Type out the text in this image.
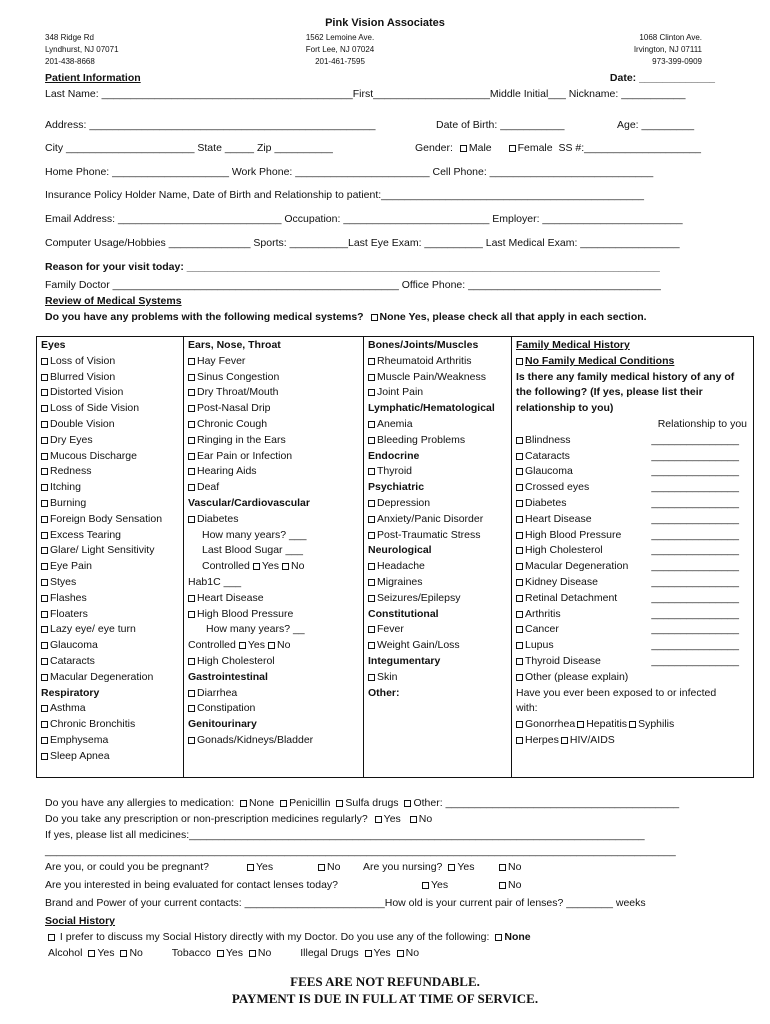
Pink Vision Associates
348 Ridge Rd
Lyndhurst, NJ 07071
201-438-8668
1562 Lemoine Ave.
Fort Lee, NJ 07024
201-461-7595
1068 Clinton Ave.
Irvington, NJ 07111
973-399-0909
Patient Information	Date: _____________
Last Name: ___________________________________________First____________________Middle Initial___ Nickname: ___________
Address: _________________________________________________	Date of Birth: ___________	Age: _________
City ______________________ State _____ Zip __________	Gender: Male Female SS #:____________________
Home Phone: ____________________ Work Phone: _______________________ Cell Phone: ____________________________
Insurance Policy Holder Name, Date of Birth and Relationship to patient:_____________________________________________
Email Address: ____________________________ Occupation: _________________________ Employer: ________________________
Computer Usage/Hobbies ______________ Sports: __________Last Eye Exam: __________ Last Medical Exam: _________________
Reason for your visit today: _________________________________________________________________________________
Family Doctor _________________________________________________ Office Phone: _________________________________
Review of Medical Systems
Do you have any problems with the following medical systems? None Yes, please check all that apply in each section.
Eyes
Loss of Vision
Blurred Vision
Distorted Vision
Loss of Side Vision
Double Vision
Dry Eyes
Mucous Discharge
Redness
Itching
Burning
Foreign Body Sensation
Excess Tearing
Glare/ Light Sensitivity
Eye Pain
Styes
Flashes
Floaters
Lazy eye/ eye turn
Glaucoma
Cataracts
Macular Degeneration
Respiratory
Asthma
Chronic Bronchitis
Emphysema
Sleep Apnea
Ears, Nose, Throat
Hay Fever
Sinus Congestion
Dry Throat/Mouth
Post-Nasal Drip
Chronic Cough
Ringing in the Ears
Ear Pain or Infection
Hearing Aids
Deaf
Vascular/Cardiovascular
Diabetes
How many years? ___
Last Blood Sugar ___
Controlled Yes No
Hab1C ___
Heart Disease
High Blood Pressure
How many years? __
Controlled Yes No
High Cholesterol
Gastrointestinal
Diarrhea
Constipation
Genitourinary
Gonads/Kidneys/Bladder
Bones/Joints/Muscles
Rheumatoid Arthritis
Muscle Pain/Weakness
Joint Pain
Lymphatic/Hematological
Anemia
Bleeding Problems
Endocrine
Thyroid
Psychiatric
Depression
Anxiety/Panic Disorder
Post-Traumatic Stress
Neurological
Headache
Migraines
Seizures/Epilepsy
Constitutional
Fever
Weight Gain/Loss
Integumentary
Skin
Other:
Family Medical History
No Family Medical Conditions
Is there any family medical history of any of
the following? (If yes, please list their
relationship to you)
Relationship to you
Blindness	_______________
Cataracts	_______________
Glaucoma	_______________
Crossed eyes	_______________
Diabetes	_______________
Heart Disease	_______________
High Blood Pressure	_______________
High Cholesterol	_______________
Macular Degeneration _______________
Kidney Disease	_______________
Retinal Detachment	_______________
Arthritis	_______________
Cancer	_______________
Lupus	_______________
Thyroid Disease	_______________
Other (please explain)
Have you ever been exposed to or infected
with:
Gonorrhea Hepatitis Syphilis
Herpes HIV/AIDS
Do you have any allergies to medication: None Penicillin Sulfa drugs Other: ________________________________________
Do you take any prescription or non-prescription medicines regularly? Yes No
If yes, please list all medicines:______________________________________________________________________________
____________________________________________________________________________________________________________
Are you, or could you be pregnant?	Yes	No Are you nursing? Yes	No
Are you interested in being evaluated for contact lenses today?	Yes	No
Brand and Power of your current contacts: ________________________How old is your current pair of lenses? ________ weeks
Social History
I prefer to discuss my Social History directly with my Doctor. Do you use any of the following: None
Alcohol Yes No	Tobacco Yes No	Illegal Drugs Yes No
FEES ARE NOT REFUNDABLE.
PAYMENT IS DUE IN FULL AT TIME OF SERVICE.
